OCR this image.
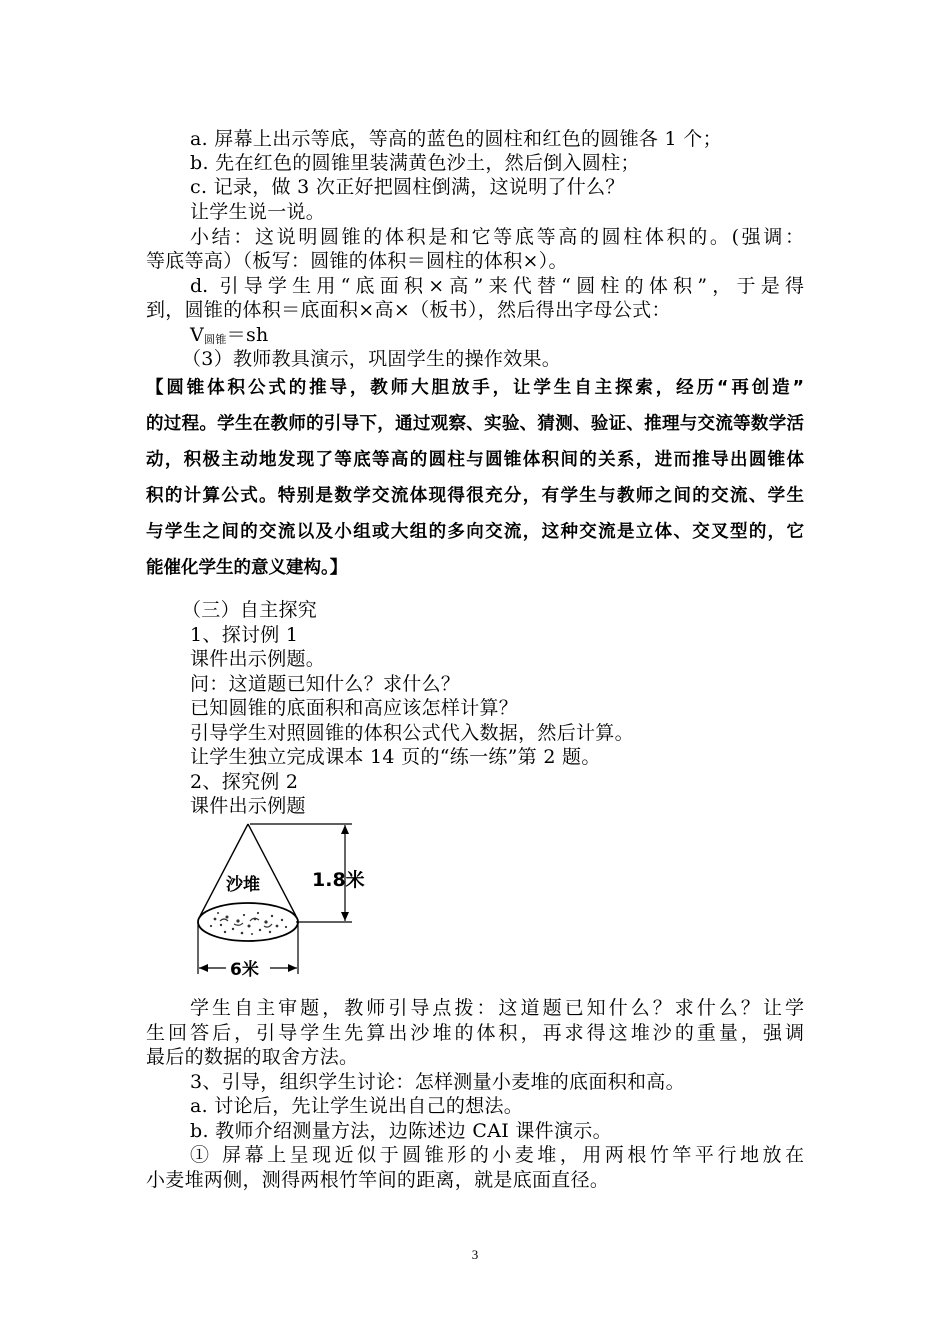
a. 屏幕上出示等底，等高的蓝色的圆柱和红色的圆锥各 1 个；
b. 先在红色的圆锥里装满黄色沙土，然后倒入圆柱；
c. 记录，做 3 次正好把圆柱倒满，这说明了什么？
让学生说一说。
小结：这说明圆锥的体积是和它等底等高的圆柱体积的。(强调：
等底等高）（板写：圆锥的体积＝圆柱的体积×）。
d. 引导学生用“底面积×高”来代替“圆柱的体积”，于是得
到，圆锥的体积＝底面积×高×（板书），然后得出字母公式：
V圆锥＝sh
（3）教师教具演示，巩固学生的操作效果。
【圆锥体积公式的推导，教师大胆放手，让学生自主探索，经历“再创造”
的过程。学生在教师的引导下，通过观察、实验、猜测、验证、推理与交流等数学活
动，积极主动地发现了等底等高的圆柱与圆锥体积间的关系，进而推导出圆锥体
积的计算公式。特别是数学交流体现得很充分，有学生与教师之间的交流、学生
与学生之间的交流以及小组或大组的多向交流，这种交流是立体、交叉型的，它
能催化学生的意义建构。】
（三）自主探究
1、探讨例 1
课件出示例题。
问：这道题已知什么？求什么？
已知圆锥的底面积和高应该怎样计算？
引导学生对照圆锥的体积公式代入数据，然后计算。
让学生独立完成课本 14 页的“练一练”第 2 题。
2、探究例 2
课件出示例题
沙堆	1.8米
6米
学生自主审题，教师引导点拨：这道题已知什么？求什么？让学
生回答后，引导学生先算出沙堆的体积，再求得这堆沙的重量，强调
最后的数据的取舍方法。
3、引导，组织学生讨论：怎样测量小麦堆的底面积和高。
a. 讨论后，先让学生说出自己的想法。
b. 教师介绍测量方法，边陈述边 CAI 课件演示。
① 屏幕上呈现近似于圆锥形的小麦堆，用两根竹竿平行地放在
小麦堆两侧，测得两根竹竿间的距离，就是底面直径。
3
